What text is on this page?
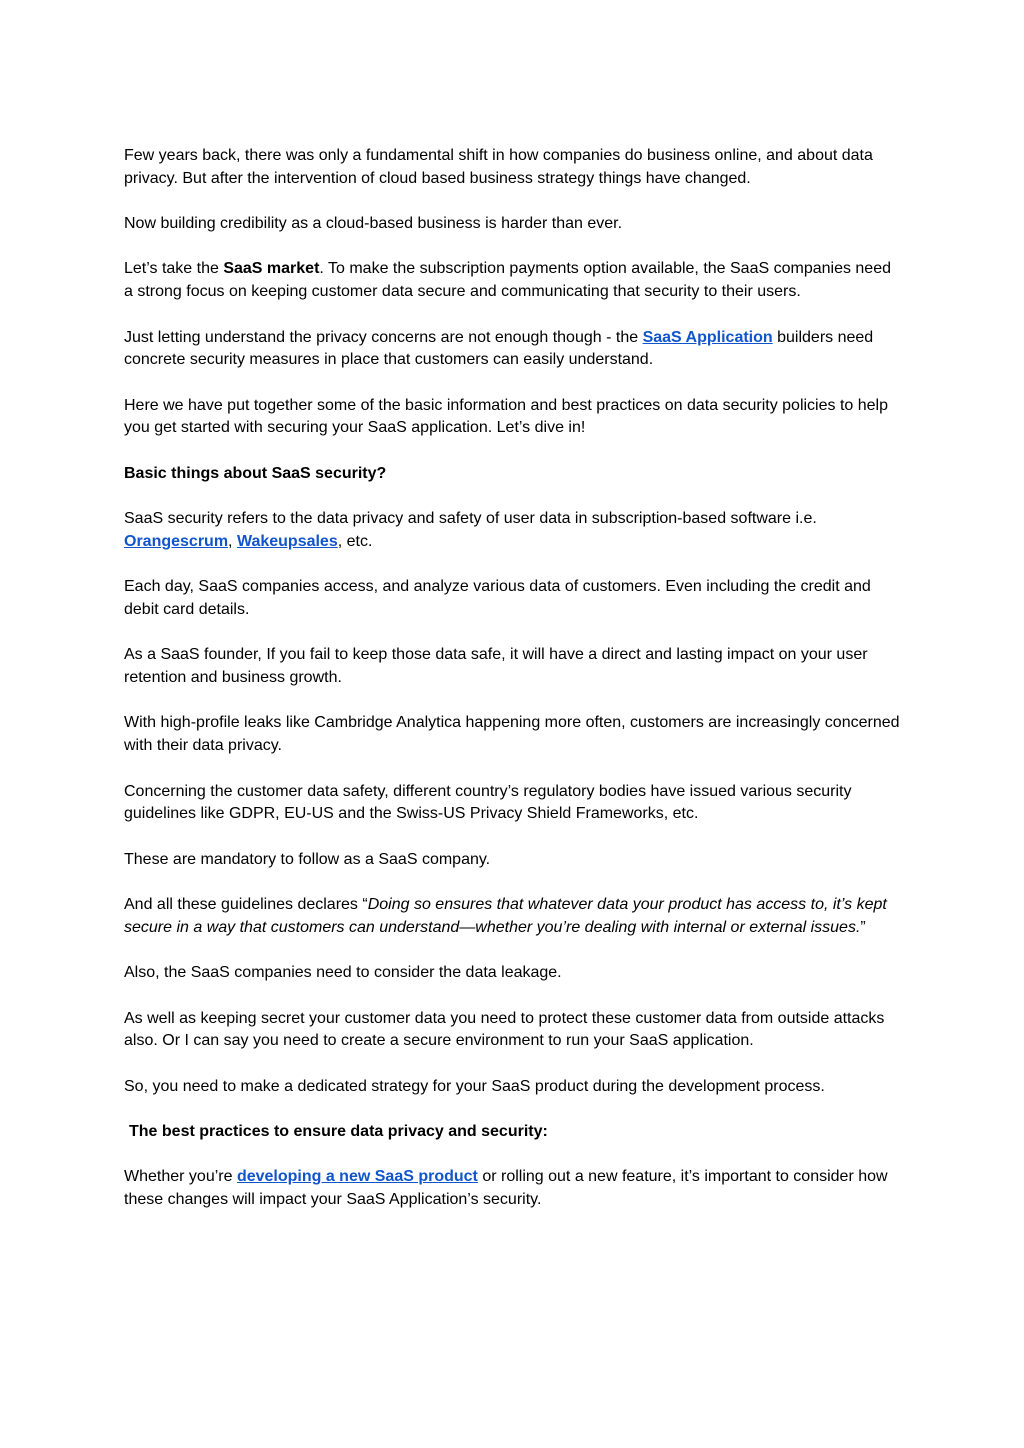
Few years back, there was only a fundamental shift in how companies do business online, and about data privacy. But after the intervention of cloud based business strategy things have changed.

Now building credibility as a cloud-based business is harder than ever.

Let’s take the SaaS market. To make the subscription payments option available, the SaaS companies need a strong focus on keeping customer data secure and communicating that security to their users.

Just letting understand the privacy concerns are not enough though - the SaaS Application builders need concrete security measures in place that customers can easily understand.

Here we have put together some of the basic information and best practices on data security policies to help you get started with securing your SaaS application. Let’s dive in!

Basic things about SaaS security?

SaaS security refers to the data privacy and safety of user data in subscription-based software i.e. Orangescrum, Wakeupsales, etc.

Each day, SaaS companies access, and analyze various data of customers. Even including the credit and debit card details.

As a SaaS founder, If you fail to keep those data safe, it will have a direct and lasting impact on your user retention and business growth.

With high-profile leaks like Cambridge Analytica happening more often, customers are increasingly concerned with their data privacy.

Concerning the customer data safety, different country’s regulatory bodies have issued various security guidelines like GDPR, EU-US and the Swiss-US Privacy Shield Frameworks, etc.

These are mandatory to follow as a SaaS company.

And all these guidelines declares “Doing so ensures that whatever data your product has access to, it’s kept secure in a way that customers can understand—whether you’re dealing with internal or external issues.”

Also, the SaaS companies need to consider the data leakage.

As well as keeping secret your customer data you need to protect these customer data from outside attacks also. Or I can say you need to create a secure environment to run your SaaS application.

So, you need to make a dedicated strategy for your SaaS product during the development process.

The best practices to ensure data privacy and security:

Whether you’re developing a new SaaS product or rolling out a new feature, it’s important to consider how these changes will impact your SaaS Application’s security.
